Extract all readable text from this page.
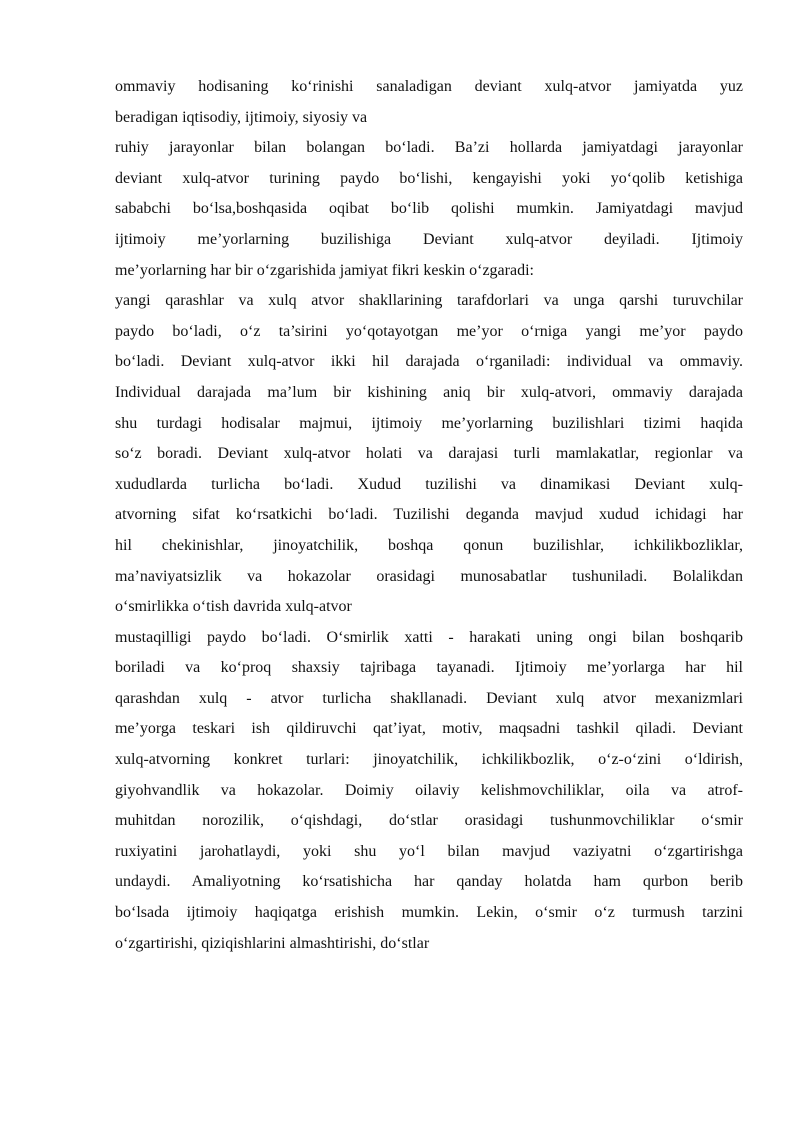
ommaviy hodisaning ko‘rinishi sanaladigan deviant xulq-atvor jamiyatda yuz

beradigan iqtisodiy, ijtimoiy, siyosiy va

ruhiy jarayonlar bilan bolangan bo‘ladi. Ba’zi hollarda jamiyatdagi jarayonlar

deviant xulq-atvor turining paydo bo‘lishi, kengayishi yoki yo‘qolib ketishiga

sababchi bo‘lsa,boshqasida oqibat bo‘lib qolishi mumkin. Jamiyatdagi mavjud

ijtimoiy me’yorlarning buzilishiga Deviant xulq-atvor deyiladi. Ijtimoiy

me’yorlarning har bir o‘zgarishida jamiyat fikri keskin o‘zgaradi:

yangi qarashlar va xulq atvor shakllarining tarafdorlari va unga qarshi turuvchilar

paydo bo‘ladi, o‘z ta’sirini yo‘qotayotgan me’yor o‘rniga yangi me’yor paydo

bo‘ladi. Deviant xulq-atvor ikki hil darajada o‘rganiladi: individual va ommaviy.

Individual darajada ma’lum bir kishining aniq bir xulq-atvori, ommaviy darajada

shu turdagi hodisalar majmui, ijtimoiy me’yorlarning buzilishlari tizimi haqida

so‘z boradi. Deviant xulq-atvor holati va darajasi turli mamlakatlar, regionlar va

xududlarda turlicha bo‘ladi. Xudud tuzilishi va dinamikasi Deviant xulq-

atvorning sifat ko‘rsatkichi bo‘ladi. Tuzilishi deganda mavjud xudud ichidagi har

hil chekinishlar, jinoyatchilik, boshqa qonun buzilishlar, ichkilikbozliklar,

ma’naviyatsizlik va hokazolar orasidagi munosabatlar tushuniladi. Bolalikdan

o‘smirlikka o‘tish davrida xulq-atvor

mustaqilligi paydo bo‘ladi. O‘smirlik xatti - harakati uning ongi bilan boshqarib

boriladi va ko‘proq shaxsiy tajribaga tayanadi. Ijtimoiy me’yorlarga har hil

qarashdan xulq - atvor turlicha shakllanadi. Deviant xulq atvor mexanizmlari

me’yorga teskari ish qildiruvchi qat’iyat, motiv, maqsadni tashkil qiladi. Deviant

xulq-atvorning konkret turlari: jinoyatchilik, ichkilikbozlik, o‘z-o‘zini o‘ldirish,

giyohvandlik va hokazolar. Doimiy oilaviy kelishmovchiliklar, oila va atrof-

muhitdan norozilik, o‘qishdagi, do‘stlar orasidagi tushunmovchiliklar o‘smir

ruxiyatini jarohatlaydi, yoki shu yo‘l bilan mavjud vaziyatni o‘zgartirishga

undaydi. Amaliyotning ko‘rsatishicha har qanday holatda ham qurbon berib

bo‘lsada ijtimoiy haqiqatga erishish mumkin. Lekin, o‘smir o‘z turmush tarzini

o‘zgartirishi, qiziqishlarini almashtirishi, do‘stlar
